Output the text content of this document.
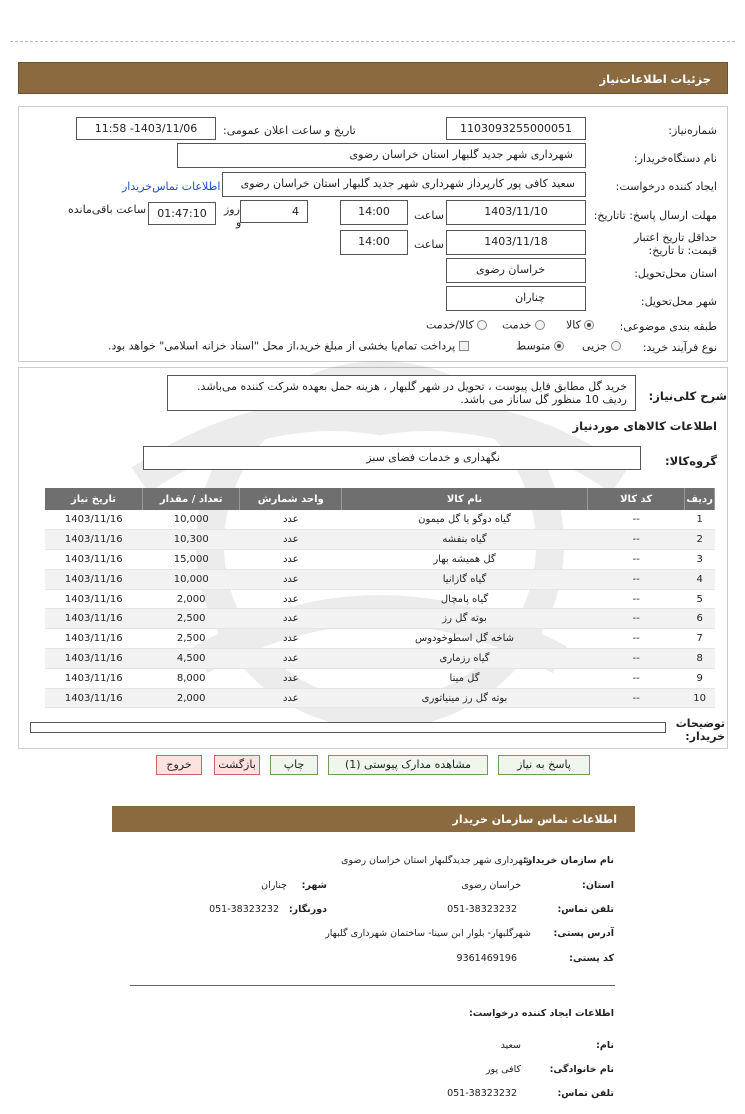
جزئیات اطلاعات‌نیاز
شماره‌نیاز:
1103093255000051
تاریخ و ساعت اعلان عمومی:
1403/11/06- 11:58
نام دستگاه‌خریدار:
شهرداری شهر جدید گلبهار استان خراسان رضوی
ایجاد کننده درخواست:
سعید کافی پور کارپرداز شهرداری شهر جدید گلبهار استان خراسان رضوی
اطلاعات تماس‌خریدار
مهلت ارسال پاسخ: تاتاریخ:
1403/11/10
ساعت
14:00
4
روز
و
01:47:10
ساعت باقی‌مانده
حداقل تاریخ اعتبار قیمت: تا تاریخ:
1403/11/18
ساعت
14:00
استان محل‌تحویل:
خراسان رضوی
شهر محل‌تحویل:
چناران
طبقه بندی موضوعی:
کالا
خدمت
کالا/خدمت
نوع فرآیند خرید:
جزیی
متوسط
پرداخت تمام‌یا بخشی از مبلغ خرید،از محل "اسناد خزانه اسلامی" خواهد بود.
شرح کلی‌نیاز:
خرید گل مطابق فایل پیوست ، تحویل در شهر گلبهار ، هزینه حمل بعهده شرکت کننده می‌باشد.
ردیف 10 منظور گل ساناز می باشد.
اطلاعات کالاهای موردنیاز
گروه‌کالا:
نگهداری و خدمات فضای سبز
ردیف	کد کالا	نام کالا	واحد شمارش	تعداد / مقدار	تاریخ نیاز
1	--	گیاه دوگو یا گل میمون	عدد	10,000	1403/11/16
2	--	گیاه بنفشه	عدد	10,300	1403/11/16
3	--	گل همیشه بهار	عدد	15,000	1403/11/16
4	--	گیاه گازانیا	عدد	10,000	1403/11/16
5	--	گیاه پامچال	عدد	2,000	1403/11/16
6	--	بوته گل رز	عدد	2,500	1403/11/16
7	--	شاخه گل اسطوخودوس	عدد	2,500	1403/11/16
8	--	گیاه رزماری	عدد	4,500	1403/11/16
9	--	گل مینا	عدد	8,000	1403/11/16
10	--	بوته گل رز مینیاتوری	عدد	2,000	1403/11/16
توضیحات خریدار:
پاسخ به نیاز
مشاهده مدارک پیوستی (1)
چاپ
بازگشت
خروج
اطلاعات تماس سازمان خریدار
نام سازمان خریدار:
شهرداری شهر جدیدگلبهار استان خراسان رضوی
استان:
خراسان رضوی
شهر:
چناران
تلفن تماس:
051-38323232
دورنگار:
051-38323232
آدرس پستی:
شهرگلبهار- بلوار ابن سینا- ساختمان شهرداری گلبهار
کد پستی:
9361469196
اطلاعات ایجاد کننده درخواست:
نام:
سعید
نام خانوادگی:
کافی پور
تلفن تماس:
051-38323232
